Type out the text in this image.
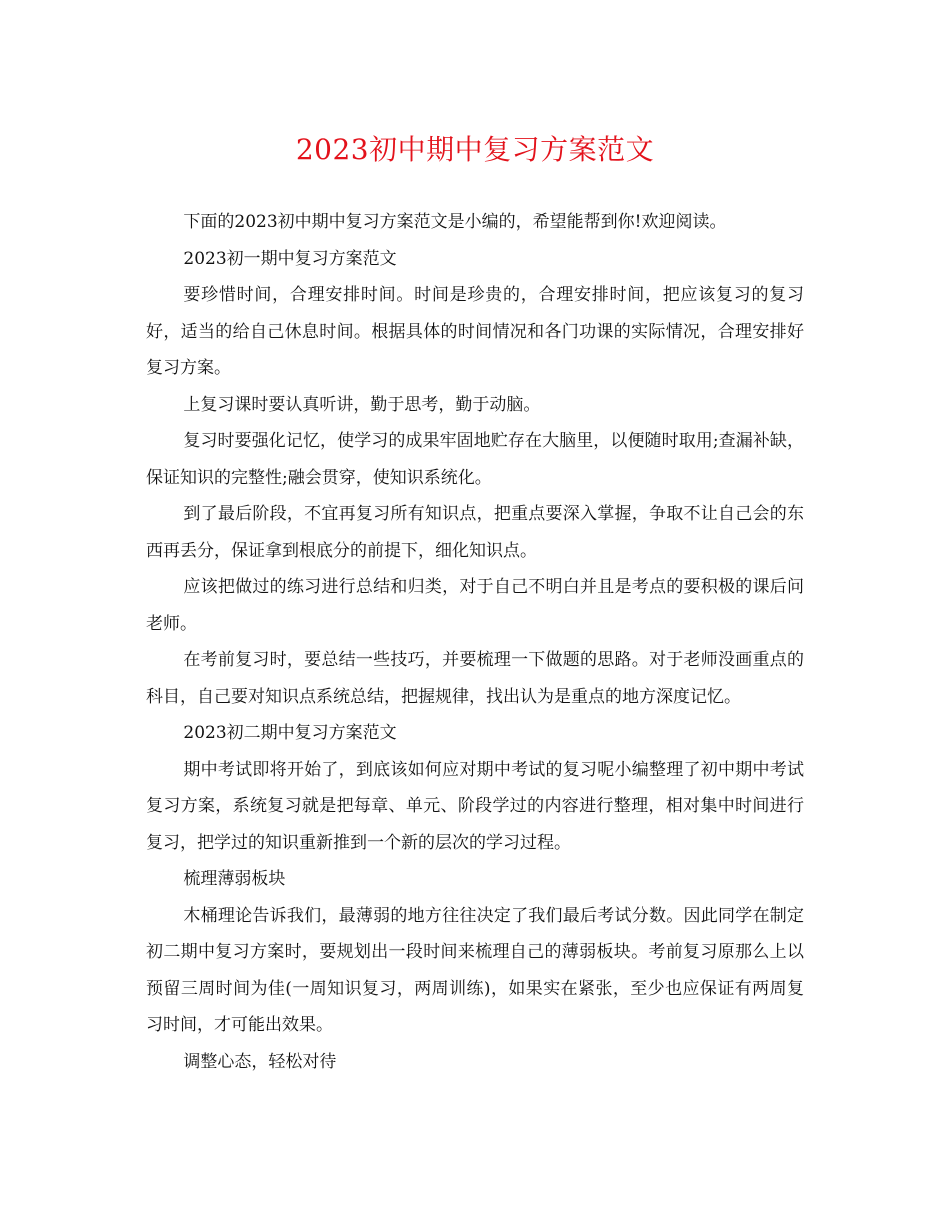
2023初中期中复习方案范文

下面的2023初中期中复习方案范文是小编的，希望能帮到你!欢迎阅读。

2023初一期中复习方案范文

要珍惜时间，合理安排时间。时间是珍贵的，合理安排时间，把应该复习的复习好，适当的给自己休息时间。根据具体的时间情况和各门功课的实际情况，合理安排好复习方案。

上复习课时要认真听讲，勤于思考，勤于动脑。

复习时要强化记忆，使学习的成果牢固地贮存在大脑里，以便随时取用;查漏补缺，保证知识的完整性;融会贯穿，使知识系统化。

到了最后阶段，不宜再复习所有知识点，把重点要深入掌握，争取不让自己会的东西再丢分，保证拿到根底分的前提下，细化知识点。

应该把做过的练习进行总结和归类，对于自己不明白并且是考点的要积极的课后问老师。

在考前复习时，要总结一些技巧，并要梳理一下做题的思路。对于老师没画重点的科目，自己要对知识点系统总结，把握规律，找出认为是重点的地方深度记忆。

2023初二期中复习方案范文

期中考试即将开始了，到底该如何应对期中考试的复习呢小编整理了初中期中考试复习方案，系统复习就是把每章、单元、阶段学过的内容进行整理，相对集中时间进行复习，把学过的知识重新推到一个新的层次的学习过程。

梳理薄弱板块

木桶理论告诉我们，最薄弱的地方往往决定了我们最后考试分数。因此同学在制定初二期中复习方案时，要规划出一段时间来梳理自己的薄弱板块。考前复习原那么上以预留三周时间为佳(一周知识复习，两周训练)，如果实在紧张，至少也应保证有两周复习时间，才可能出效果。

调整心态，轻松对待
